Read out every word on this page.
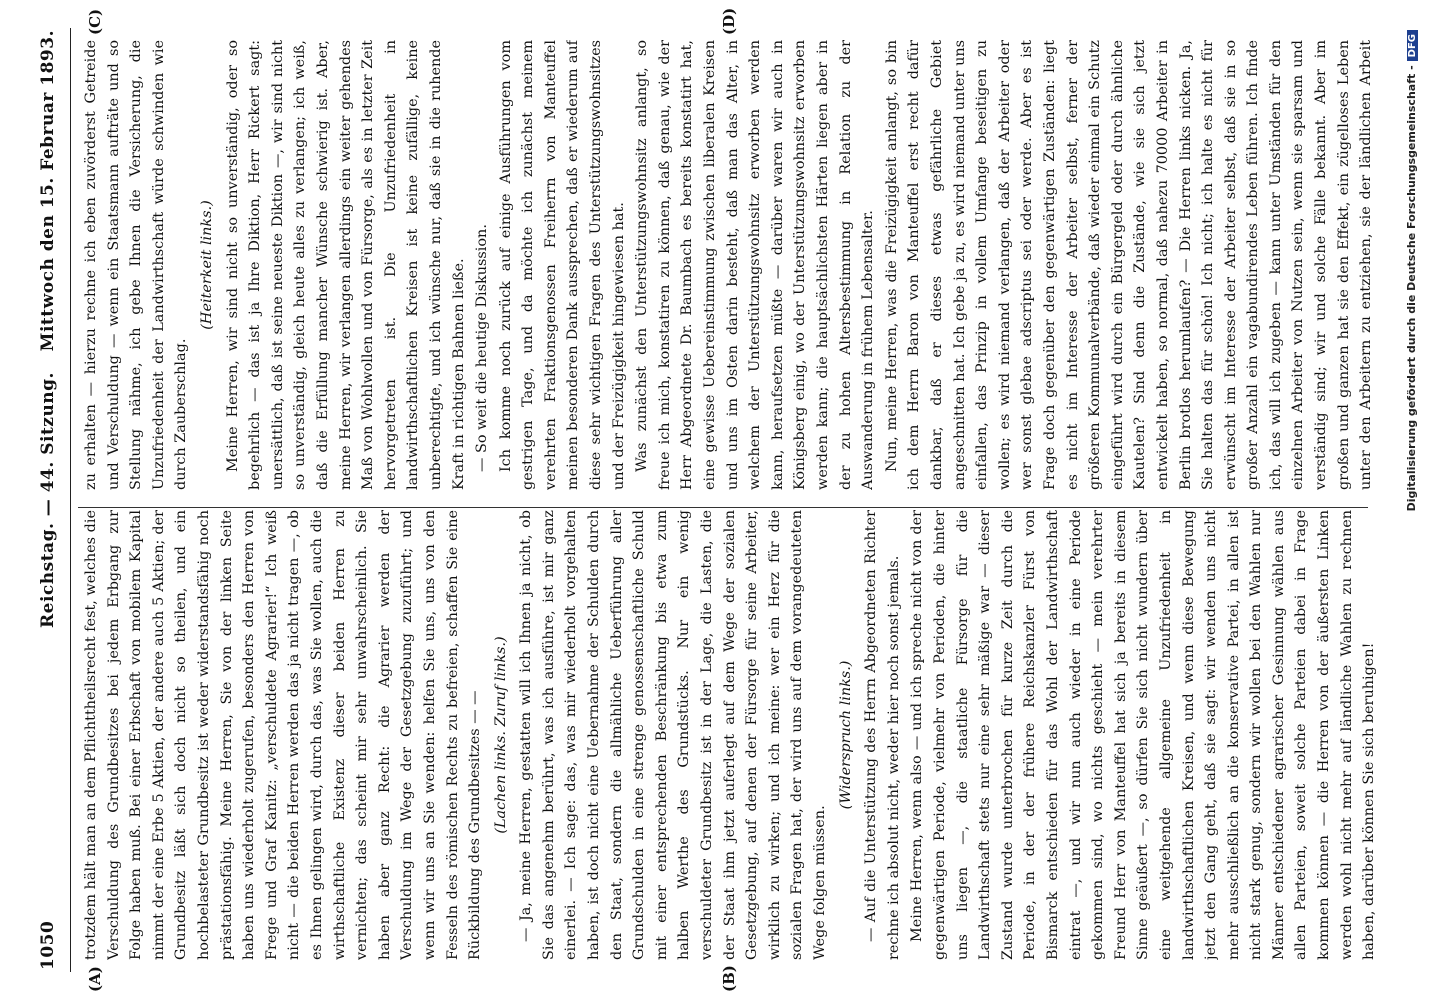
1050
Reichstag. — 44. Sitzung.
Mittwoch den 15. Februar 1893.
(A)	(B)
(C)	(D)

trotzdem hält man an dem Pflichttheilsrecht fest, welches die Verschuldung des Grundbesitzes bei jedem Erbgang zur Folge haben muß. Bei einer Erbschaft von mobilem Kapital nimmt der eine Erbe 5 Aktien, der andere auch 5 Aktien; der Grundbesitz läßt sich doch nicht so theilen, und ein hochbelasteter Grundbesitz ist weder widerstandsfähig noch prästationsfähig. Meine Herren, Sie von der linken Seite haben uns wiederholt zugerufen, besonders den Herren von Frege und Graf Kanitz: „verschuldete Agrarier!“ Ich weiß nicht — die beiden Herren werden das ja nicht tragen —, ob es Ihnen gelingen wird, durch das, was Sie wollen, auch die wirthschaftliche Existenz dieser beiden Herren zu vernichten; das scheint mir sehr unwahrscheinlich. Sie haben aber ganz Recht: die Agrarier werden der Verschuldung im Wege der Gesetzgebung zuzuführt; und wenn wir uns an Sie wenden: helfen Sie uns, uns von den Fesseln des römischen Rechts zu befreien, schaffen Sie eine Rückbildung des Grundbesitzes — — (Lachen links. Zuruf links.) — Ja, meine Herren, gestatten will ich Ihnen ja nicht, ob Sie das angenehm berührt, was ich ausführe, ist mir ganz einerlei. — Ich sage: das, was mir wiederholt vorgehalten haben, ist doch nicht eine Uebernahme der Schulden durch den Staat, sondern die allmähliche Ueberführung aller Grundschulden in eine strenge genossenschaftliche Schuld mit einer entsprechenden Beschränkung bis etwa zum halben Werthe des Grundstücks. Nur ein wenig verschuldeter Grundbesitz ist in der Lage, die Lasten, die der Staat ihm jetzt auferlegt auf dem Wege der sozialen Gesetzgebung, auf denen der Fürsorge für seine Arbeiter, wirklich zu wirken; und ich meine: wer ein Herz für die sozialen Fragen hat, der wird uns auf dem vorangedeuteten Wege folgen müssen.

(Widerspruch links.) — Auf die Unterstützung des Herrn Abgeordneten Richter rechne ich absolut nicht, weder hier noch sonst jemals. Meine Herren, wenn also — und ich spreche nicht von der gegenwärtigen Periode, vielmehr von Perioden, die hinter uns liegen —, die staatliche Fürsorge für die Landwirthschaft stets nur eine sehr mäßige war — dieser Zustand wurde unterbrochen für kurze Zeit durch die Periode, in der der frühere Reichskanzler Fürst von Bismarck entschieden für das Wohl der Landwirthschaft eintrat —, und wir nun auch wieder in eine Periode gekommen sind, wo nichts geschieht — mein verehrter Freund Herr von Manteuffel hat sich ja bereits in diesem Sinne geäußert —, so dürfen Sie sich nicht wundern über eine weitgehende allgemeine Unzufriedenheit in landwirthschaftlichen Kreisen, und wenn diese Bewegung jetzt den Gang geht, daß sie sagt: wir wenden uns nicht mehr ausschließlich an die konservative Partei, in allen ist nicht stark genug, sondern wir wollen bei den Wahlen nur Männer entschiedener agrarischer Gesinnung wählen aus allen Parteien, soweit solche Parteien dabei in Frage kommen können — die Herren von der äußersten Linken werden wohl nicht mehr auf ländliche Wahlen zu rechnen haben, darüber können Sie sich beruhigen!

zu erhalten — hierzu rechne ich eben zuvörderst Getreide und Verschuldung — wenn ein Staatsmann aufträte und so Stellung nähme, ich gebe Ihnen die Versicherung, die Unzufriedenheit der Landwirthschaft würde schwinden wie durch Zauberschlag.

(Heiterkeit links.) Meine Herren, wir sind nicht so unverständig, oder so begehrlich — das ist ja Ihre Diktion, Herr Rickert sagt: unersättlich, daß ist seine neueste Diktion —, wir sind nicht so unverständig, gleich heute alles zu verlangen; ich weiß, daß die Erfüllung mancher Wünsche schwierig ist. Aber, meine Herren, wir verlangen allerdings ein weiter gehendes Maß von Wohlwollen und von Fürsorge, als es in letzter Zeit hervorgetreten ist. Die Unzufriedenheit in landwirthschaftlichen Kreisen ist keine zufällige, keine unberechtigte, und ich wünsche nur, daß sie in die ruhende Kraft in richtigen Bahnen ließe. — So weit die heutige Diskussion. Ich komme noch zurück auf einige Ausführungen vom gestrigen Tage, und da möchte ich zunächst meinem verehrten Fraktionsgenossen Freiherrn von Manteuffel meinen besonderen Dank aussprechen, daß er wiederum auf diese sehr wichtigen Fragen des Unterstützungswohnsitzes und der Freizügigkeit hingewiesen hat. Was zunächst den Unterstützungswohnsitz anlangt, so freue ich mich, konstatiren zu können, daß genau, wie der Herr Abgeordnete Dr. Baumbach es bereits konstatirt hat, eine gewisse Uebereinstimmung zwischen liberalen Kreisen und uns im Osten darin besteht, daß man das Alter, in welchem der Unterstützungswohnsitz erworben werden kann, heraufsetzen müßte — darüber waren wir auch in Königsberg einig, wo der Unterstützungswohnsitz erworben werden kann; die hauptsächlichsten Härten liegen aber in der zu hohen Altersbestimmung in Relation zu der Auswanderung in frühem Lebensalter. Nun, meine Herren, was die Freizügigkeit anlangt, so bin ich dem Herrn Baron von Manteuffel erst recht dafür dankbar, daß er dieses etwas gefährliche Gebiet angeschnitten hat. Ich gebe ja zu, es wird niemand unter uns einfallen, das Prinzip in vollem Umfange beseitigen zu wollen; es wird niemand verlangen, daß der Arbeiter oder wer sonst glebae adscriptus sei oder werde. Aber es ist Frage doch gegenüber den gegenwärtigen Zuständen: liegt es nicht im Interesse der Arbeiter selbst, ferner der größeren Kommunalverbände, daß wieder einmal ein Schutz eingeführt wird durch ein Bürgergeld oder durch ähnliche Kautelen? Sind denn die Zustände, wie sie sich jetzt entwickelt haben, so normal, daß nahezu 70000 Arbeiter in Berlin brotlos herumlaufen? — Die Herren links nicken. Ja, Sie halten das für schön! Ich nicht; ich halte es nicht für erwünscht im Interesse der Arbeiter selbst, daß sie in so großer Anzahl ein vagabundirendes Leben führen. Ich finde ich, das will ich zugeben — kann unter Umständen für den einzelnen Arbeiter von Nutzen sein, wenn sie sparsam und verständig sind; wir und solche Fälle bekannt. Aber im großen und ganzen hat sie den Effekt, ein zügelloses Leben unter den Arbeitern zu entziehen, sie der ländlichen Arbeit

Digitalisierung gefördert durch die Deutsche Forschungsgemeinschaft -DFG
